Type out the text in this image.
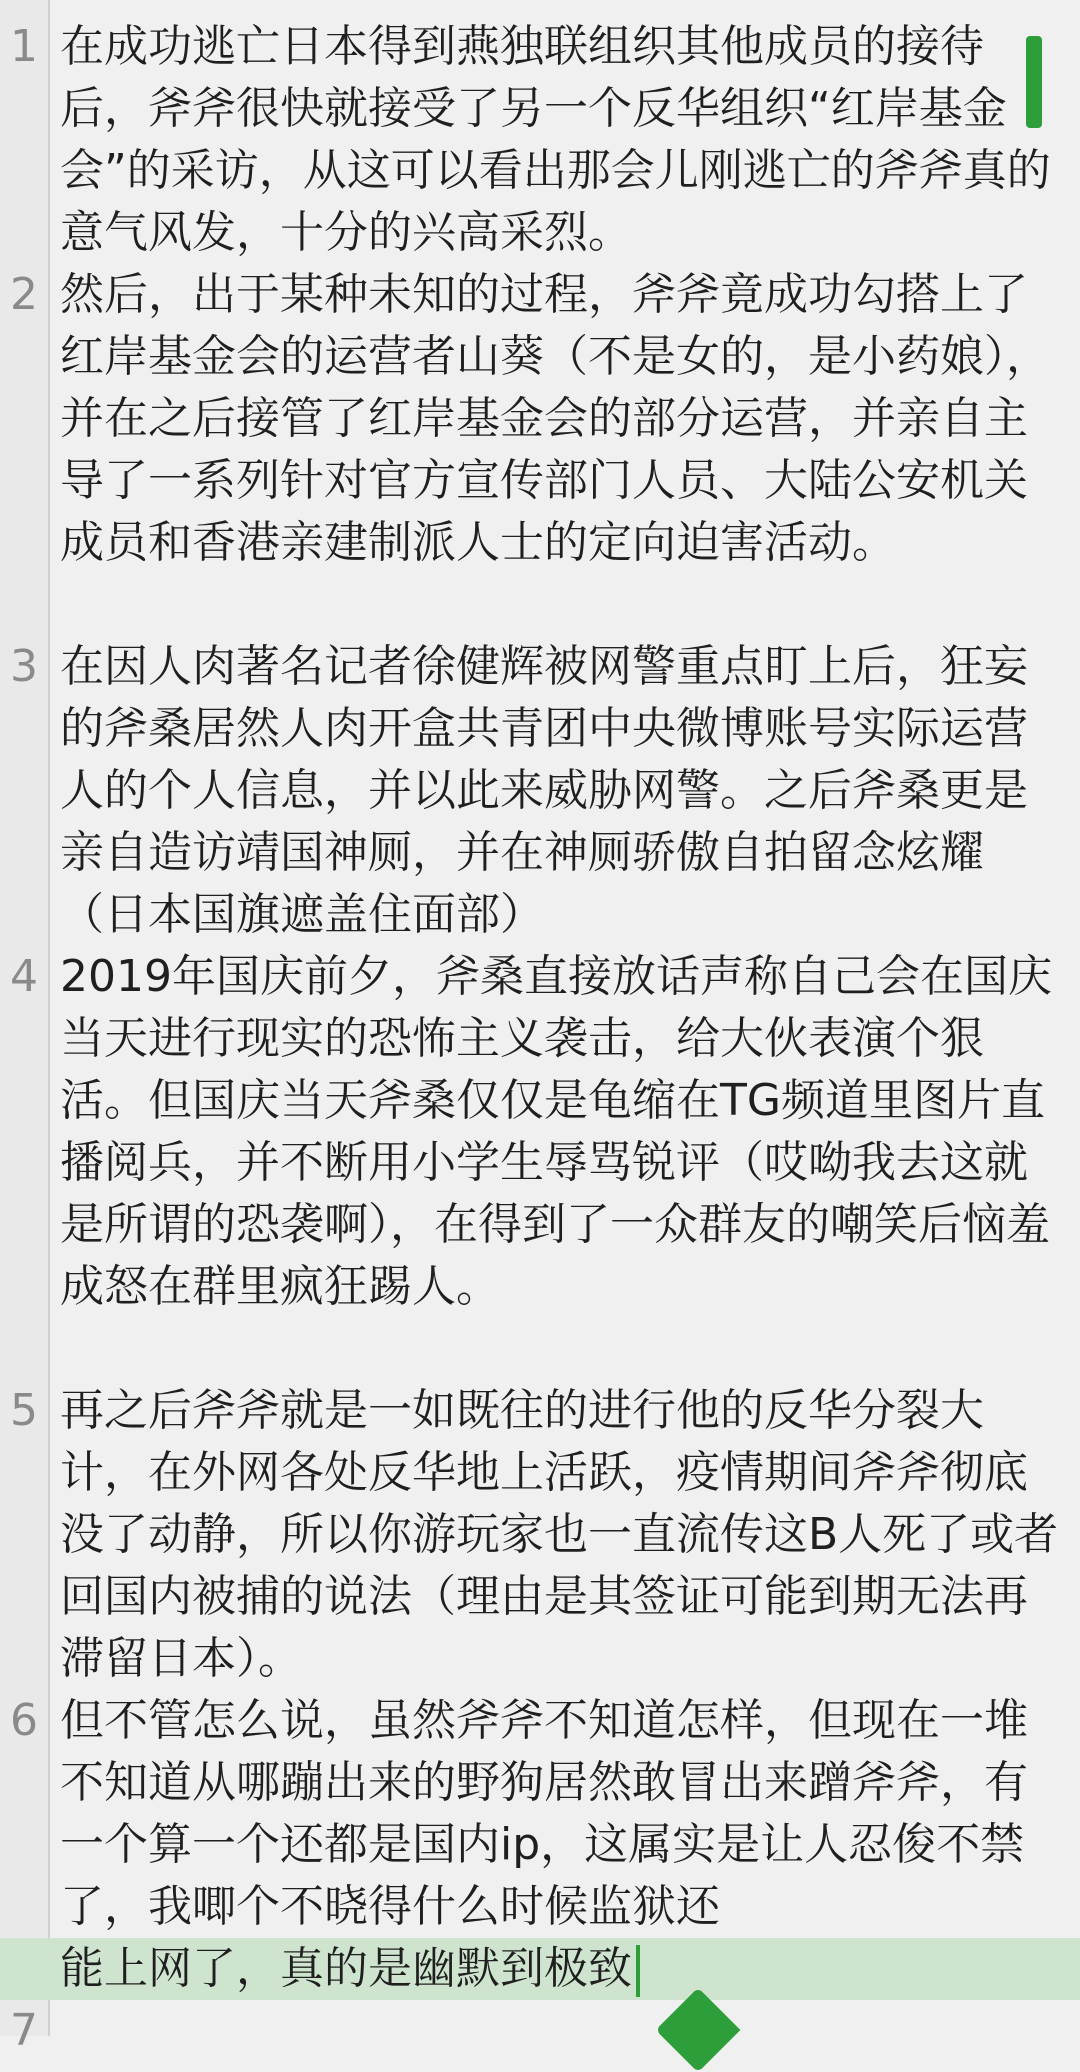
1 在成功逃亡日本得到燕独联组织其他成员的接待后，斧斧很快就接受了另一个反华组织“红岸基金会”的采访，从这可以看出那会儿刚逃亡的斧斧真的意气风发，十分的兴高采烈。
2 然后，出于某种未知的过程，斧斧竟成功勾搭上了红岸基金会的运营者山葵（不是女的，是小药娘），并在之后接管了红岸基金会的部分运营，并亲自主导了一系列针对官方宣传部门人员、大陆公安机关成员和香港亲建制派人士的定向迫害活动。
3 在因人肉著名记者徐健辉被网警重点盯上后，狂妄的斧桑居然人肉开盒共青团中央微博账号实际运营人的个人信息，并以此来威胁网警。之后斧桑更是亲自造访靖国神厕，并在神厕骄傲自拍留念炫耀（日本国旗遮盖住面部）
4 2019年国庆前夕，斧桑直接放话声称自己会在国庆当天进行现实的恐怖主义袭击，给大伙表演个狠活。但国庆当天斧桑仅仅是龟缩在TG频道里图片直播阅兵，并不断用小学生辱骂锐评（哎呦我去这就是所谓的恐袭啊），在得到了一众群友的嘲笑后恼羞成怒在群里疯狂踢人。
5 再之后斧斧就是一如既往的进行他的反华分裂大计，在外网各处反华地上活跃，疫情期间斧斧彻底没了动静，所以你游玩家也一直流传这B人死了或者回国内被捕的说法（理由是其签证可能到期无法再滞留日本）。
6 但不管怎么说，虽然斧斧不知道怎样，但现在一堆不知道从哪蹦出来的野狗居然敢冒出来蹭斧斧，有一个算一个还都是国内ip，这属实是让人忍俊不禁了，我唧个不晓得什么时候监狱还
能上网了，真的是幽默到极致
7
